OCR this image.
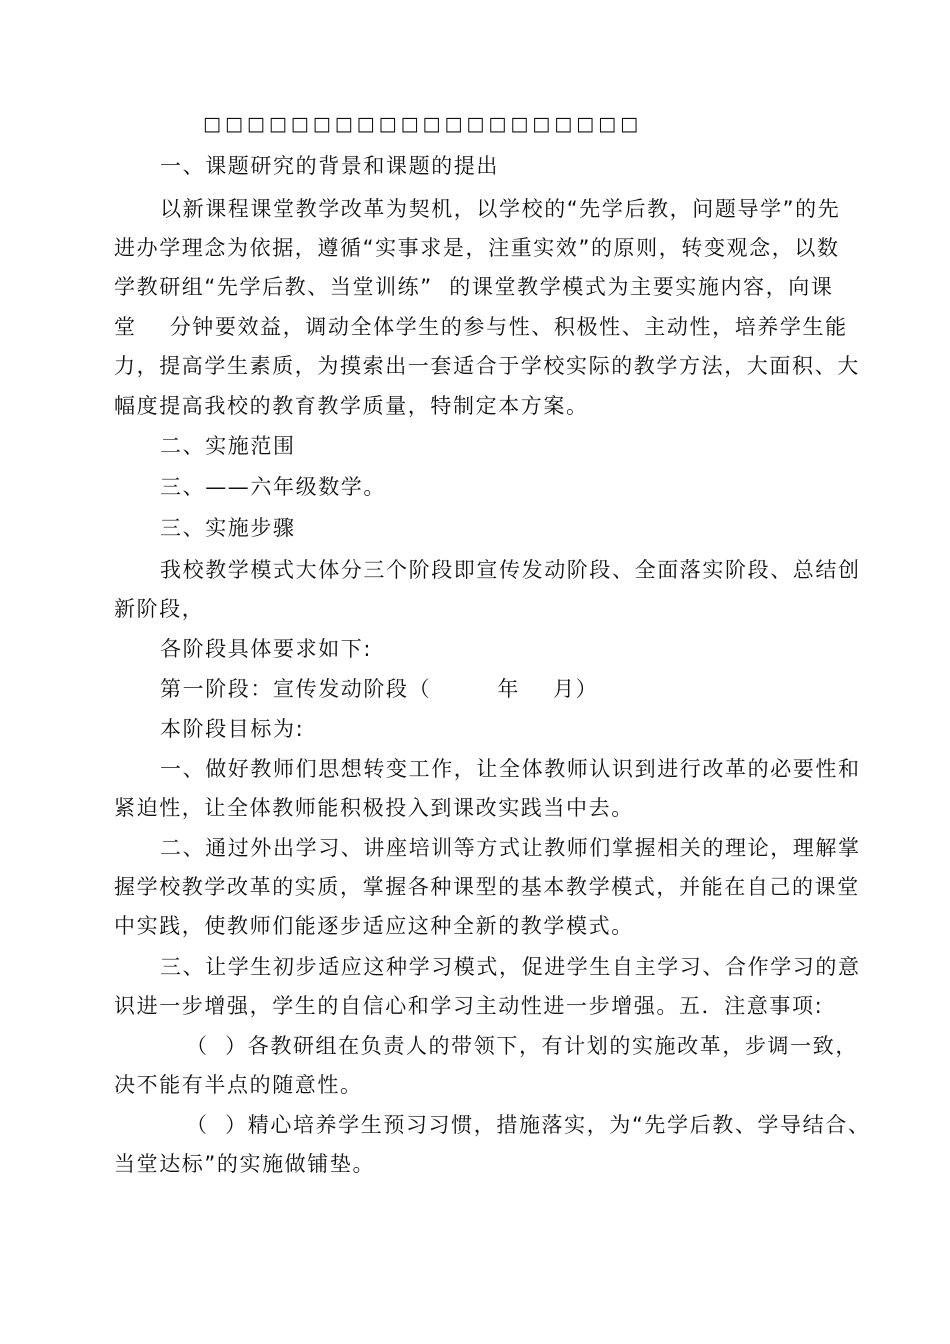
□□□□□□□□□□□□□□□□□□□□
一、课题研究的背景和课题的提出
以新课程课堂教学改革为契机，以学校的“先学后教，问题导学”的先
进办学理念为依据，遵循“实事求是，注重实效”的原则，转变观念，以数
学教研组“先学后教、当堂训练”  的课堂教学模式为主要实施内容，向课
堂    分钟要效益，调动全体学生的参与性、积极性、主动性，培养学生能
力，提高学生素质，为摸索出一套适合于学校实际的教学方法，大面积、大
幅度提高我校的教育教学质量，特制定本方案。
二、实施范围
三、——六年级数学。
三、实施步骤
我校教学模式大体分三个阶段即宣传发动阶段、全面落实阶段、总结创
新阶段，
各阶段具体要求如下:
第一阶段：宣传发动阶段（        年    月）
本阶段目标为:
一、做好教师们思想转变工作，让全体教师认识到进行改革的必要性和
紧迫性，让全体教师能积极投入到课改实践当中去。
二、通过外出学习、讲座培训等方式让教师们掌握相关的理论，理解掌
握学校教学改革的实质，掌握各种课型的基本教学模式，并能在自己的课堂
中实践，使教师们能逐步适应这种全新的教学模式。
三、让学生初步适应这种学习模式，促进学生自主学习、合作学习的意
识进一步增强，学生的自信心和学习主动性进一步增强。五．注意事项:
（  ）各教研组在负责人的带领下，有计划的实施改革，步调一致，
决不能有半点的随意性。
（  ）精心培养学生预习习惯，措施落实，为“先学后教、学导结合、
当堂达标”的实施做铺垫。
